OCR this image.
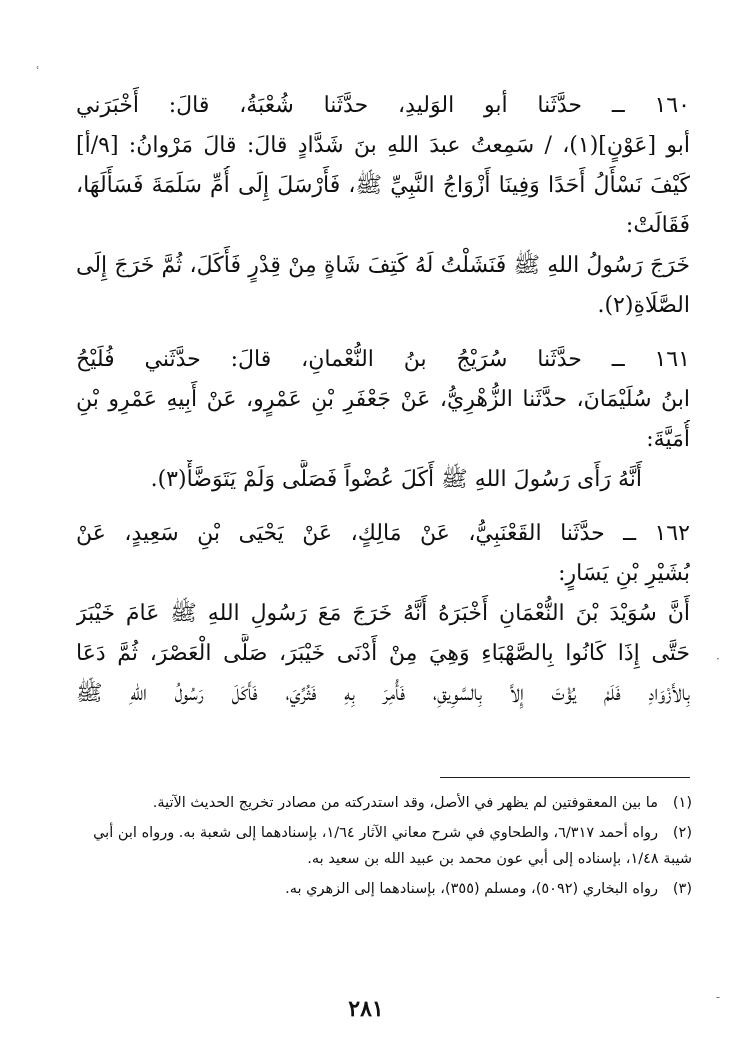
١٦٠ ــ حدَّثَنا أبو الوَليدِ، حدَّثَنا شُعْبَةُ، قالَ: أَخْبَرَني
أبو [عَوْنٍ](١)، / سَمِعتُ عبدَ اللهِ بنَ شَدَّادٍ قالَ: قالَ مَرْوانُ: [٩/أ]
كَيْفَ نَسْأَلُ أَحَدًا وَفِينَا أَزْوَاجُ النَّبِيِّ ﷺ، فَأَرْسَلَ إِلَى أُمِّ سَلَمَةَ فَسَأَلَهَا،
فَقَالَتْ:
خَرَجَ رَسُولُ اللهِ ﷺ فَنَشَلْتُ لَهُ كَتِفَ شَاةٍ مِنْ قِدْرٍ فَأَكَلَ، ثُمَّ خَرَجَ إِلَى
الصَّلَاةِ(٢).
١٦١ ــ حدَّثَنا سُرَيْجُ بنُ النُّعْمانِ، قالَ: حدَّثَني فُلَيْحُ
ابنُ سُلَيْمَانَ، حدَّثَنا الزُّهْرِيُّ، عَنْ جَعْفَرِ بْنِ عَمْرٍو، عَنْ أَبِيهِ عَمْرِو بْنِ
أُمَيَّةَ:
أَنَّهُ رَأَى رَسُولَ اللهِ ﷺ أَكَلَ عُضْواً فَصَلَّى وَلَمْ يَتَوَضَّأْ(٣).
١٦٢ ــ حدَّثَنا القَعْنَبِيُّ، عَنْ مَالِكٍ، عَنْ يَحْيَى بْنِ سَعِيدٍ، عَنْ
بُشَيْرِ بْنِ يَسَارٍ:
أَنَّ سُوَيْدَ بْنَ النُّعْمَانِ أَخْبَرَهُ أَنَّهُ خَرَجَ مَعَ رَسُولِ اللهِ ﷺ عَامَ خَيْبَرَ
حَتَّى إِذَا كَانُوا بِالصَّهْبَاءِ وَهِيَ مِنْ أَدْنَى خَيْبَرَ، صَلَّى الْعَصْرَ، ثُمَّ دَعَا
بِالأَزْوَادِ فَلَمْ يُؤْتَ إِلاَّ بِالسَّوِيقِ، فَأُمِرَ بِهِ فَثُرِّيَ، فَأَكَلَ رَسُولُ اللهِ ﷺ
(١)ما بين المعقوفتين لم يظهر في الأصل، وقد استدركته من مصادر تخريج الحديث الآتية.
(٢)رواه أحمد ٦/٣١٧، والطحاوي في شرح معاني الآثار ١/٦٤، بإسنادهما إلى شعبة به. ورواه ابن أبي شيبة ١/٤٨، بإسناده إلى أبي عون محمد بن عبيد الله بن سعيد به.
(٣)رواه البخاري (٥٠٩٢)، ومسلم (٣٥٥)، بإسنادهما إلى الزهري به.
٢٨١
ʿ
·
-
